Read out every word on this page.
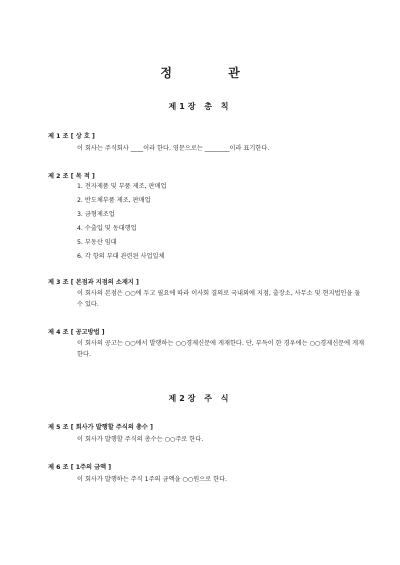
정 관
제1장 총 칙
제 1 조 [ 상 호 ]
이 회사는 주식회사 ____이라 한다. 영문으로는 ________이라 표기한다.
제 2 조 [ 목 적 ]
1. 전자제품 및 부품 제조, 판매업
2. 반도체부품 제조, 판매업
3. 금형제조업
4. 수출입 및 동대행업
5. 부동산 임대
6. 각 항의 부대 관련된 사업일체
제 3 조 [ 본점과 지점의 소재지 ]
이 회사의 본점은 ○○에 두고 필요에 따라 이사회 결의로 국내외에 지점, 출장소, 사무소 및 현지법인을 둘 수 있다.
제 4 조 [ 공고방법 ]
이 회사의 공고는 ○○에서 발행하는 ○○경제신문에 게재한다. 단, 부득이 한 경우에는 ○○경제신문에 게재한다.
제2장 주 식
제 5 조 [ 회사가 발행할 주식의 총수 ]
이 회사가 발행할 주식의 총수는 ○○주로 한다.
제 6 조 [ 1주의 금액 ]
이 회사가 발행하는 주식 1주의 금액을 ○○원으로 한다.
